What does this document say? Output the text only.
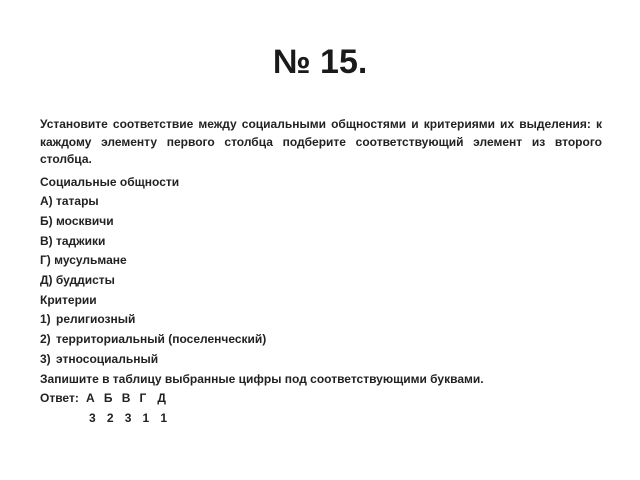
№ 15.

Установите соответствие между социальными общностями и критериями их выделения: к каждому элементу первого столбца подберите соответствующий элемент из второго столбца.

Социальные общности

А) татары

Б) москвичи

В) таджики

Г) мусульмане

Д) буддисты

Критерии

1) религиозный
2) территориальный (поселенческий)
3) этносоциальный

Запишите в таблицу выбранные цифры под соответствующими буквами.

Ответ: А Б В Г Д
3 2 3 1 1
